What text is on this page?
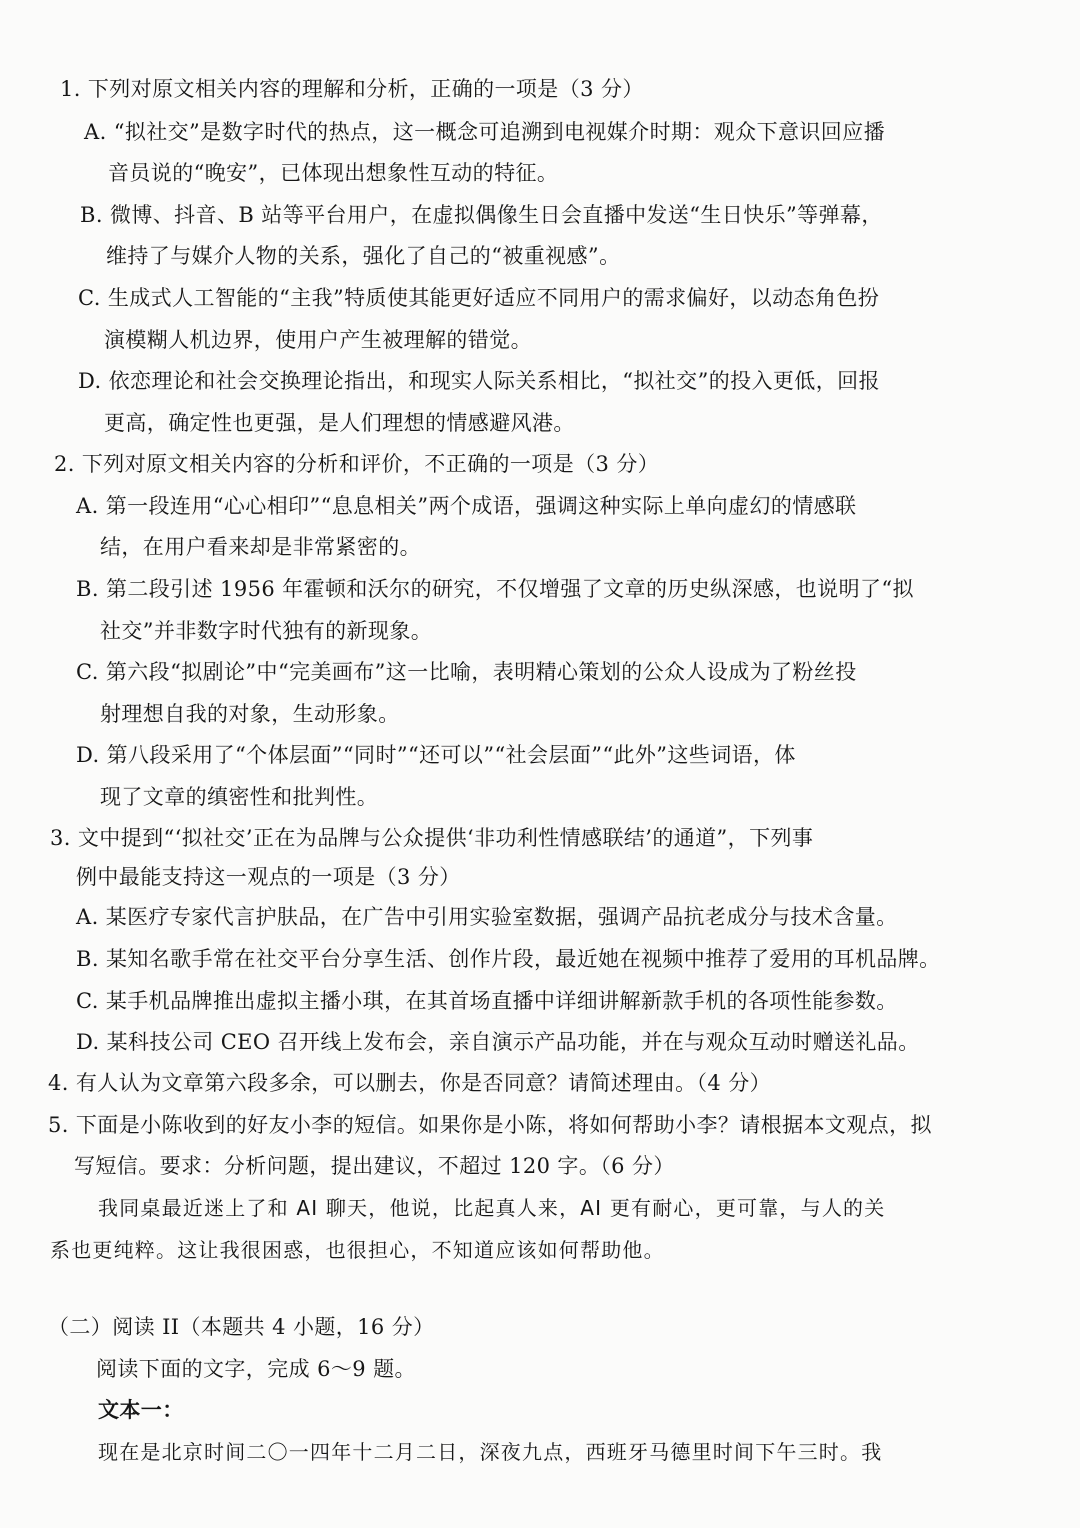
1. 下列对原文相关内容的理解和分析，正确的一项是（3 分）
A. “拟社交”是数字时代的热点，这一概念可追溯到电视媒介时期：观众下意识回应播
音员说的“晚安”，已体现出想象性互动的特征。
B. 微博、抖音、B 站等平台用户，在虚拟偶像生日会直播中发送“生日快乐”等弹幕，
维持了与媒介人物的关系，强化了自己的“被重视感”。
C. 生成式人工智能的“主我”特质使其能更好适应不同用户的需求偏好，以动态角色扮
演模糊人机边界，使用户产生被理解的错觉。
D. 依恋理论和社会交换理论指出，和现实人际关系相比，“拟社交”的投入更低，回报
更高，确定性也更强，是人们理想的情感避风港。
2. 下列对原文相关内容的分析和评价，不正确的一项是（3 分）
A. 第一段连用“心心相印”“息息相关”两个成语，强调这种实际上单向虚幻的情感联
结，在用户看来却是非常紧密的。
B. 第二段引述 1956 年霍顿和沃尔的研究，不仅增强了文章的历史纵深感，也说明了“拟
社交”并非数字时代独有的新现象。
C. 第六段“拟剧论”中“完美画布”这一比喻，表明精心策划的公众人设成为了粉丝投
射理想自我的对象，生动形象。
D. 第八段采用了“个体层面”“同时”“还可以”“社会层面”“此外”这些词语，体
现了文章的缜密性和批判性。
3. 文中提到“‘拟社交’正在为品牌与公众提供‘非功利性情感联结’的通道”，下列事
例中最能支持这一观点的一项是（3 分）
A. 某医疗专家代言护肤品，在广告中引用实验室数据，强调产品抗老成分与技术含量。
B. 某知名歌手常在社交平台分享生活、创作片段，最近她在视频中推荐了爱用的耳机品牌。
C. 某手机品牌推出虚拟主播小琪，在其首场直播中详细讲解新款手机的各项性能参数。
D. 某科技公司 CEO 召开线上发布会，亲自演示产品功能，并在与观众互动时赠送礼品。
4. 有人认为文章第六段多余，可以删去，你是否同意？请简述理由。（4 分）
5. 下面是小陈收到的好友小李的短信。如果你是小陈，将如何帮助小李？请根据本文观点，拟
写短信。要求：分析问题，提出建议，不超过 120 字。（6 分）
我同桌最近迷上了和 AI 聊天，他说，比起真人来，AI 更有耐心，更可靠，与人的关
系也更纯粹。这让我很困惑，也很担心，不知道应该如何帮助他。
（二）阅读 II（本题共 4 小题，16 分）
阅读下面的文字，完成 6～9 题。
文本一：
现在是北京时间二〇一四年十二月二日，深夜九点，西班牙马德里时间下午三时。我
